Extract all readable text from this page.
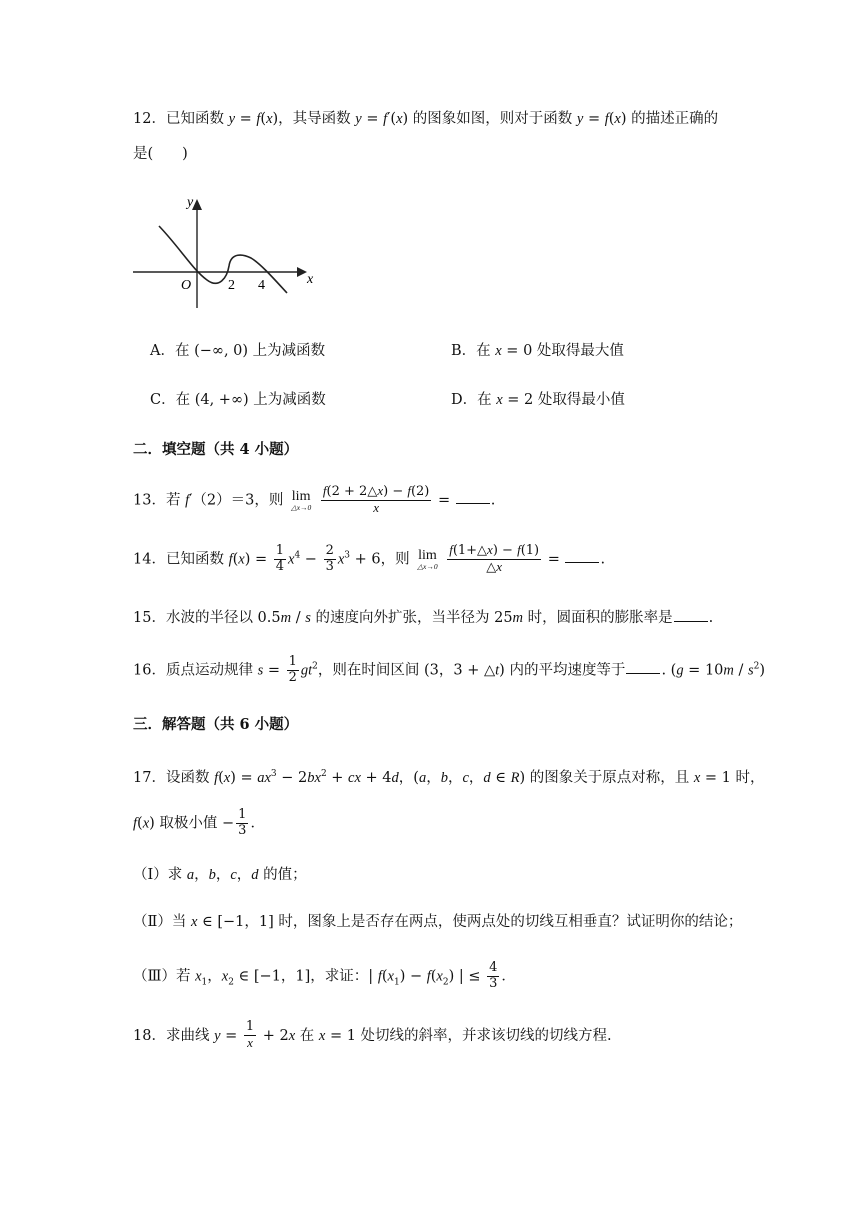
12．已知函数 y = f(x)，其导函数 y = f′(x) 的图象如图，则对于函数 y = f(x) 的描述正确的
是(　　)
y
x
O	2 4
A．在 (−∞, 0) 上为减函数	B．在 x = 0 处取得最大值
C．在 (4, +∞) 上为减函数	D．在 x = 2 处取得最小值
二．填空题（共 4 小题）
13．若 f′（2）＝3，则 lim
△x→0
$\frac{f(2 + 2\triangle x) - f(2)}{x}$ = .
14．已知函数 $f(x) = \frac{1}{4} x^4 - \frac{2}{3} x^3 + 6$，则 lim
△x→0
$\frac{f(1+\triangle x) - f(1)}{\triangle x}$ = .
15．水波的半径以 0.5m / s 的速度向外扩张，当半径为 25m 时，圆面积的膨胀率是 .
16．质点运动规律 $s = \frac{1}{2} gt^2$，则在时间区间 (3，3 + △t) 内的平均速度等于 . $(g = 10m / s^2)$
三．解答题（共 6 小题）
17．设函数 $f(x) = ax^3 - 2bx^2$ + cx + 4d，(a，b，c，d ∈ R) 的图象关于原点对称，且 x = 1 时，
f(x) 取极小值 − $\frac{1}{3}$ ．
（Ⅰ）求 a，b，c，d 的值；
（Ⅱ）当 x ∈ [−1，1] 时，图象上是否存在两点，使两点处的切线互相垂直？试证明你的结论；
（Ⅲ）若 $x_1$，$x_2$ ∈ [−1，1]，求证：| $f(x_1) - f(x_2)$ | ≤ $\frac{4}{3}$ ．
18．求曲线 $y = \frac{1}{x} + 2x$ 在 x = 1 处切线的斜率，并求该切线的切线方程.
